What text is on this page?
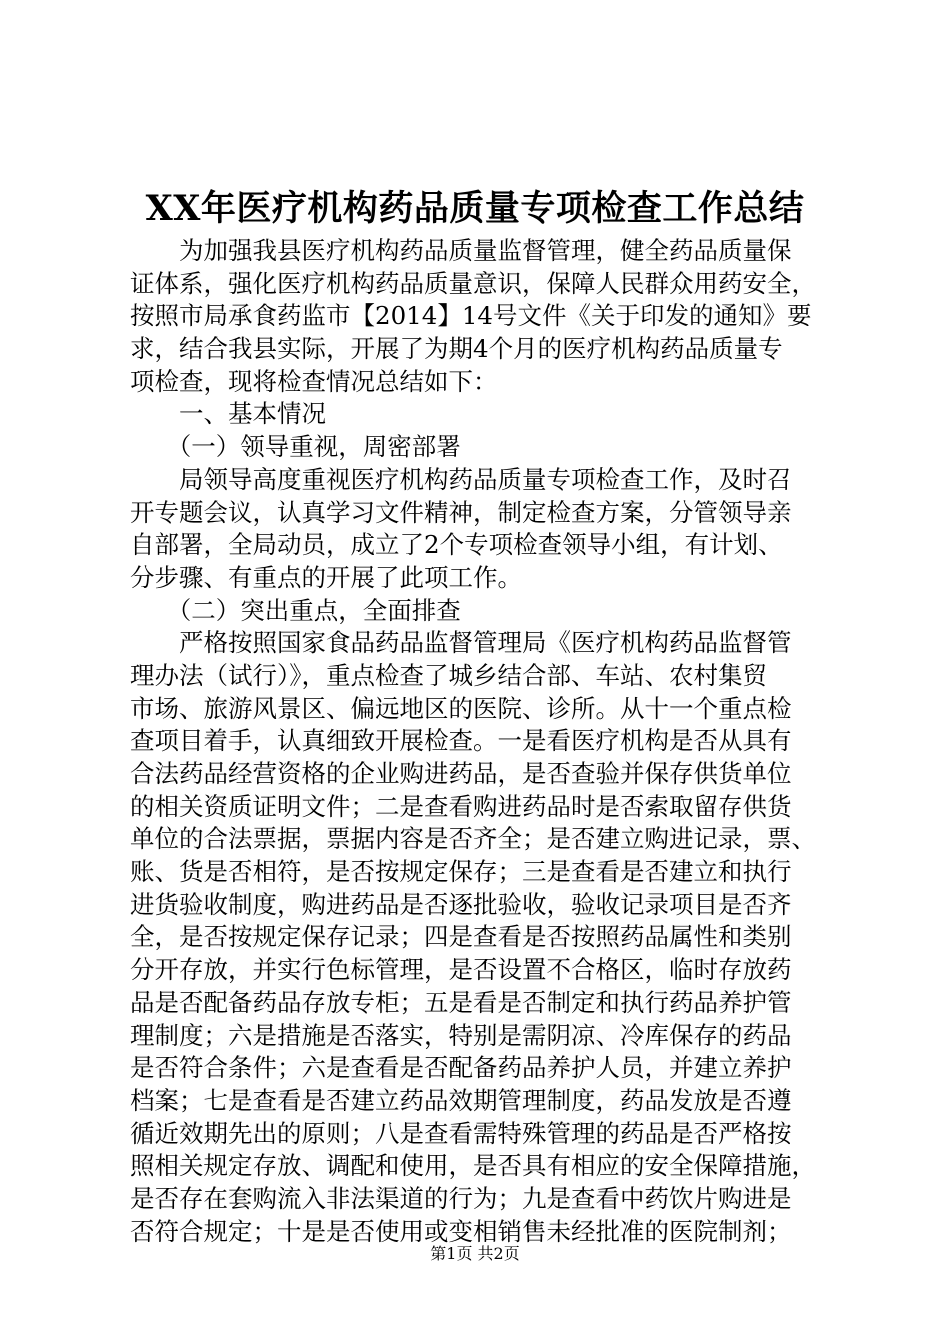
XX年医疗机构药品质量专项检查工作总结
　　为加强我县医疗机构药品质量监督管理，健全药品质量保
证体系，强化医疗机构药品质量意识，保障人民群众用药安全，
按照市局承食药监市【2014】14号文件《关于印发的通知》要
求，结合我县实际，开展了为期4个月的医疗机构药品质量专
项检查，现将检查情况总结如下：
　　一、基本情况
　　（一）领导重视，周密部署
　　局领导高度重视医疗机构药品质量专项检查工作，及时召
开专题会议，认真学习文件精神，制定检查方案，分管领导亲
自部署，全局动员，成立了2个专项检查领导小组，有计划、
分步骤、有重点的开展了此项工作。
　　（二）突出重点，全面排查
　　严格按照国家食品药品监督管理局《医疗机构药品监督管
理办法（试行）》，重点检查了城乡结合部、车站、农村集贸
市场、旅游风景区、偏远地区的医院、诊所。从十一个重点检
查项目着手，认真细致开展检查。一是看医疗机构是否从具有
合法药品经营资格的企业购进药品，是否查验并保存供货单位
的相关资质证明文件；二是查看购进药品时是否索取留存供货
单位的合法票据，票据内容是否齐全；是否建立购进记录，票、
账、货是否相符，是否按规定保存；三是查看是否建立和执行
进货验收制度，购进药品是否逐批验收，验收记录项目是否齐
全，是否按规定保存记录；四是查看是否按照药品属性和类别
分开存放，并实行色标管理，是否设置不合格区，临时存放药
品是否配备药品存放专柜；五是看是否制定和执行药品养护管
理制度；六是措施是否落实，特别是需阴凉、冷库保存的药品
是否符合条件；六是查看是否配备药品养护人员，并建立养护
档案；七是查看是否建立药品效期管理制度，药品发放是否遵
循近效期先出的原则；八是查看需特殊管理的药品是否严格按
照相关规定存放、调配和使用，是否具有相应的安全保障措施，
是否存在套购流入非法渠道的行为；九是查看中药饮片购进是
否符合规定；十是是否使用或变相销售未经批准的医院制剂；
第1页 共2页
